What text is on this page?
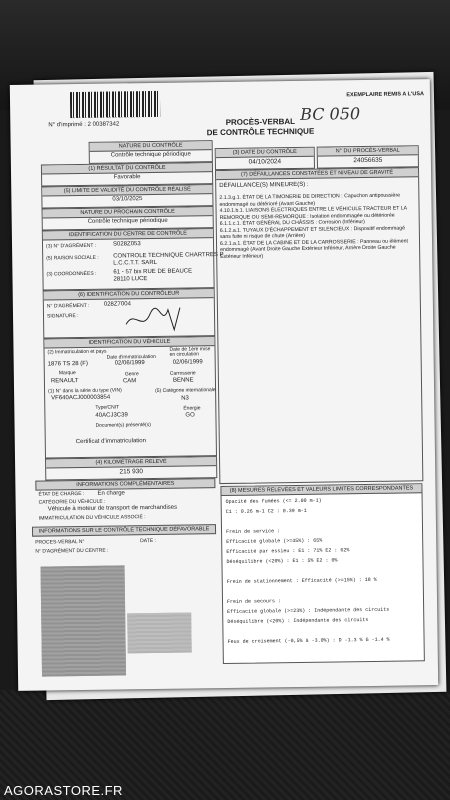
N° d'imprimé : 2 00387342	PROCÈS-VERBAL
DE CONTRÔLE TECHNIQUE
EXEMPLAIRE REMIS A L'USA
BC 050
NATURE DU CONTRÔLE
Contrôle technique périodique	(3) DATE DU CONTRÔLE
04/10/2024
N° DU PROCÈS-VERBAL
24056635
(1) RÉSULTAT DU CONTRÔLE
Favorable
(5) LIMITE DE VALIDITÉ DU CONTRÔLE RÉALISÉ
03/10/2025
NATURE DU PROCHAIN CONTRÔLE
Contrôle technique périodique
IDENTIFICATION DU CENTRE DE CONTRÔLE
(3) N° D'AGRÉMENT :	S028Z053
(5) RAISON SOCIALE : CONTROLE TECHNIQUE CHARTRES P
L.C.C.T.T. SARL
(3) COORDONNÉES :	61 - 57 bis RUE DE BEAUCE
28110 LUCE
(6) IDENTIFICATION DU CONTRÔLEUR
N° D'AGRÉMENT : 028Z7004
SIGNATURE :
IDENTIFICATION DU VÉHICULE
(2) Immatriculation et pays
Date d'immatriculation
Date de 1ère mise en circulation
1876 TS 28 (F)	02/06/1999	02/06/1999
Marque	Genre	Carrosserie
RENAULT	CAM	BENNE
(1) N° dans la série du type (VIN)	(5) Catégorie internationale
VF640ACJ000003854	N3
Type/CNIT	Énergie
40ACJ3C39	GO
Document(s) présenté(s)
Certificat d'immatriculation
(4) KILOMÉTRAGE RELEVÉ
215 930
INFORMATIONS COMPLÉMENTAIRES
ÉTAT DE CHARGE : En charge
CATÉGORIE DU VÉHICULE :
Véhicule à moteur de transport de marchandises
IMMATRICULATION DU VÉHICULE ASSOCIÉ :
INFORMATIONS SUR LE CONTRÔLE TECHNIQUE DÉFAVORABLE
PROCES-VERBAL N°	DATE :
N° D'AGRÉMENT DU CENTRE :
(7) DÉFAILLANCES CONSTATÉES ET NIVEAU DE GRAVITÉ
DÉFAILLANCE(S) MINEURE(S) :
2.1.3.g.1. ÉTAT DE LA TIMONERIE DE DIRECTION : Capuchon antipoussière
endommagé ou détérioré (Avant Gauche)
4.10.1.b.1. LIAISONS ÉLECTRIQUES ENTRE LE VÉHICULE TRACTEUR ET LA
REMORQUE OU SEMI-REMORQUE : Isolation endommagée ou détériorée
6.1.1.c.1. ÉTAT GÉNÉRAL DU CHÂSSIS : Corrosion (Inférieur)
6.1.2.a.1. TUYAUX D'ÉCHAPPEMENT ET SILENCIEUX : Dispositif endommagé
sans fuite ni risque de chute (Arrière)
6.2.1.a.1. ÉTAT DE LA CABINE ET DE LA CARROSSERIE : Panneau ou élément
endommagé (Avant Droite Gauche Extérieur Inférieur, Arrière Droite Gauche
Extérieur Inférieur)
(8) MESURES RELEVÉES ET VALEURS LIMITES CORRESPONDANTES
Opacité des fumées (<= 2.00 m-1)
C1 : 0.26 m-1 C2 : 0.39 m-1
Frein de service :
Efficacité globale (>=45%) : 65%
Efficacité par essieu : E1 : 71% E2 : 62%
Déséquilibre (<20%) : E1 : 5% E2 : 0%
Frein de stationnement : Efficacité (>=15%) : 18 %
Frein de secours :
Efficacité globale (>=23%) : Indépendante des circuits
Déséquilibre (<20%) : Indépendante des circuits
Feux de croisement (-0,5% à -3.0%) : D -1.3 % G -1.4 %
AGORASTORE.FR
